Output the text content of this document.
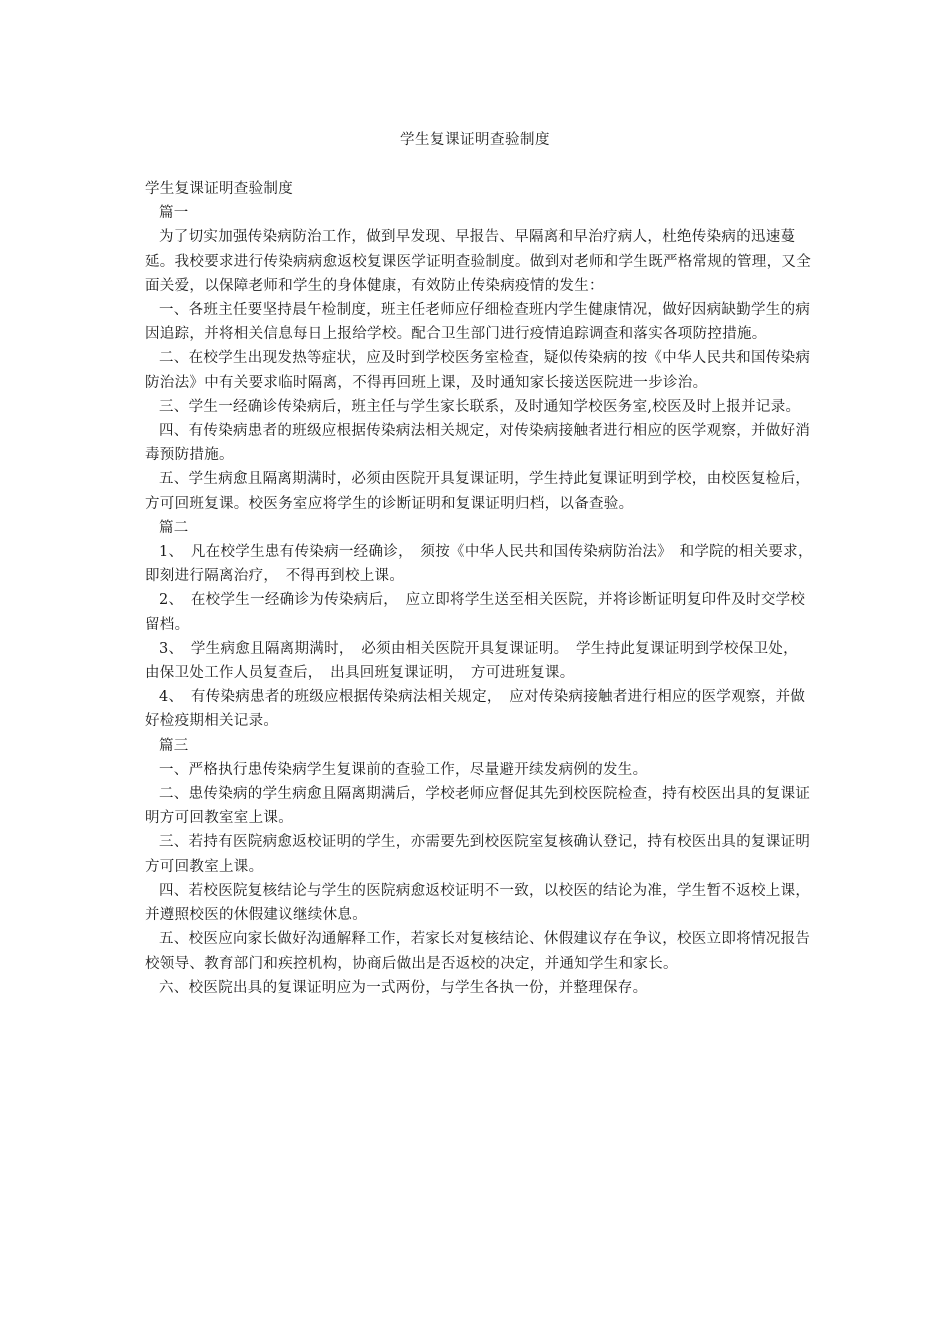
学生复课证明查验制度

学生复课证明查验制度

篇一

为了切实加强传染病防治工作，做到早发现、早报告、早隔离和早治疗病人，杜绝传染病的迅速蔓延。我校要求进行传染病病愈返校复课医学证明查验制度。做到对老师和学生既严格常规的管理，又全面关爱，以保障老师和学生的身体健康，有效防止传染病疫情的发生：

一、各班主任要坚持晨午检制度，班主任老师应仔细检查班内学生健康情况，做好因病缺勤学生的病因追踪，并将相关信息每日上报给学校。配合卫生部门进行疫情追踪调查和落实各项防控措施。

二、在校学生出现发热等症状，应及时到学校医务室检查，疑似传染病的按《中华人民共和国传染病防治法》中有关要求临时隔离，不得再回班上课，及时通知家长接送医院进一步诊治。

三、学生一经确诊传染病后，班主任与学生家长联系，及时通知学校医务室,校医及时上报并记录。

四、有传染病患者的班级应根据传染病法相关规定，对传染病接触者进行相应的医学观察，并做好消毒预防措施。

五、学生病愈且隔离期满时，必须由医院开具复课证明，学生持此复课证明到学校，由校医复检后，方可回班复课。校医务室应将学生的诊断证明和复课证明归档，以备查验。

篇二

1、　凡在校学生患有传染病一经确诊，　须按《中华人民共和国传染病防治法》　和学院的相关要求，　即刻进行隔离治疗，　不得再到校上课。

2、　在校学生一经确诊为传染病后，　应立即将学生送至相关医院，并将诊断证明复印件及时交学校留档。

3、　学生病愈且隔离期满时，　必须由相关医院开具复课证明。　学生持此复课证明到学校保卫处，　由保卫处工作人员复查后，　出具回班复课证明，　方可进班复课。

4、　有传染病患者的班级应根据传染病法相关规定，　应对传染病接触者进行相应的医学观察，并做好检疫期相关记录。

篇三

一、严格执行患传染病学生复课前的查验工作，尽量避开续发病例的发生。

二、患传染病的学生病愈且隔离期满后，学校老师应督促其先到校医院检查，持有校医出具的复课证明方可回教室室上课。

三、若持有医院病愈返校证明的学生，亦需要先到校医院室复核确认登记，持有校医出具的复课证明方可回教室上课。

四、若校医院复核结论与学生的医院病愈返校证明不一致，以校医的结论为准，学生暂不返校上课，并遵照校医的休假建议继续休息。

五、校医应向家长做好沟通解释工作，若家长对复核结论、休假建议存在争议，校医立即将情况报告校领导、教育部门和疾控机构，协商后做出是否返校的决定，并通知学生和家长。

六、校医院出具的复课证明应为一式两份，与学生各执一份，并整理保存。
